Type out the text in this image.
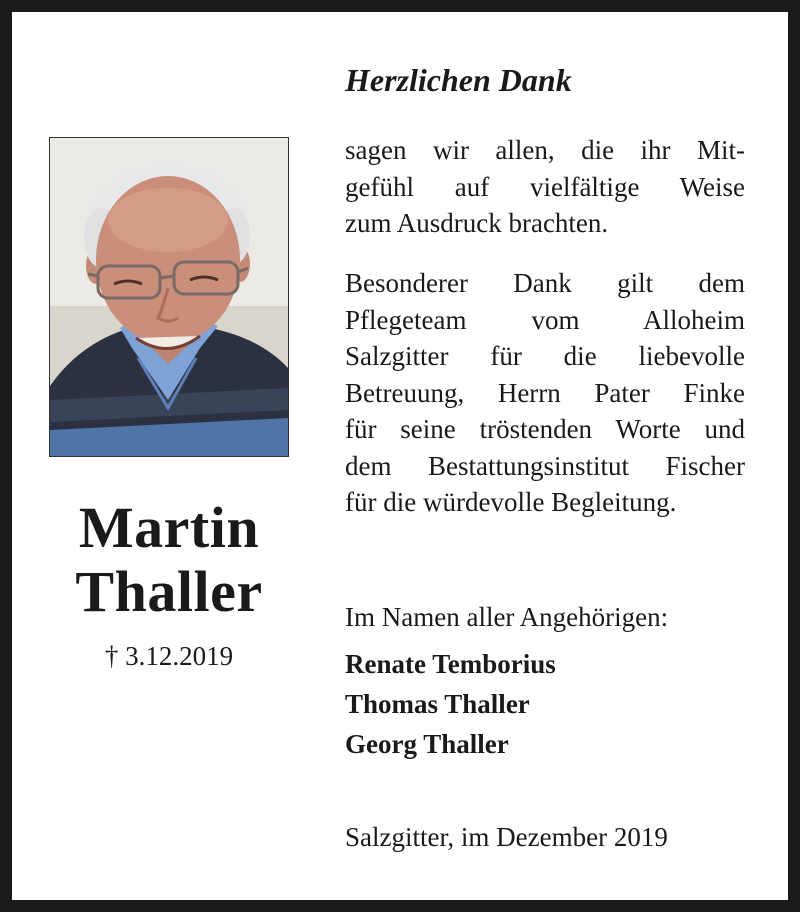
Martin
Thaller
† 3.12.2019
Herzlichen Dank
sagen wir allen, die ihr Mit-
gefühl auf vielfältige Weise
zum Ausdruck brachten.
Besonderer Dank gilt dem
Pflegeteam vom Alloheim
Salzgitter für die liebevolle
Betreuung, Herrn Pater Finke
für seine tröstenden Worte und
dem Bestattungsinstitut Fischer
für die würdevolle Begleitung.
Im Namen aller Angehörigen:
Renate Temborius
Thomas Thaller
Georg Thaller
Salzgitter, im Dezember 2019
